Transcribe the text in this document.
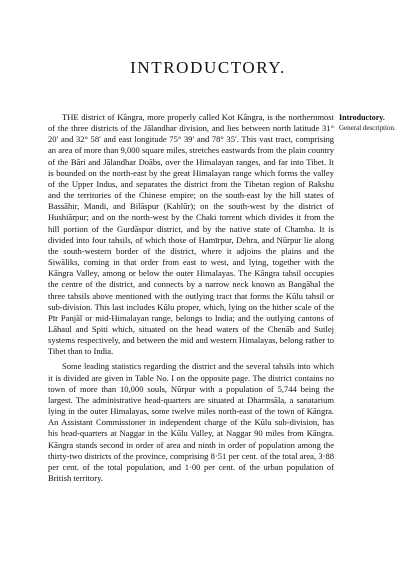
INTRODUCTORY.
Introductory.
General description.

THE district of Kāngra, more properly called Kot Kāngra, is the northernmost of the three districts of the Jālandhar division, and lies between north latitude 31° 20′ and 32° 58′ and east longitude 75° 39′ and 78° 35′. This vast tract, comprising an area of more than 9,000 square miles, stretches eastwards from the plain country of the Bāri and Jālandhar Doābs, over the Himalayan ranges, and far into Tibet. It is bounded on the north-east by the great Himalayan range which forms the valley of the Upper Indus, and separates the district from the Tibetan region of Rakshu and the territories of the Chinese empire; on the south-east by the hill states of Bassāhir, Mandi, and Bilāspur (Kahlūr); on the south-west by the district of Hushiārpur; and on the north-west by the Chaki torrent which divides it from the hill portion of the Gurdāspur district, and by the native state of Chamba. It is divided into four tahsils, of which those of Hamīrpur, Dehra, and Nūrpur lie along the south-western border of the district, where it adjoins the plains and the Siwāliks, coming in that order from east to west, and lying, together with the Kāngra Valley, among or below the outer Himalayas. The Kāngra tahsil occupies the centre of the district, and connects by a narrow neck known as Bangāhal the three tahsils above mentioned with the outlying tract that forms the Kūlu tahsil or sub-division. This last includes Kūlu proper, which, lying on the hither scale of the Pīr Panjāl or mid-Himalayan range, belongs to India; and the outlying cantons of Lāhaul and Spiti which, situated on the head waters of the Chenāb and Sutlej systems respectively, and between the mid and western Himalayas, belong rather to Tibet than to India.

Some leading statistics regarding the district and the several tahsils into which it is divided are given in Table No. I on the opposite page. The district contains no town of more than 10,000 souls, Nūrpur with a population of 5,744 being the largest. The administrative head-quarters are situated at Dharmsāla, a sanatarium lying in the outer Himalayas, some twelve miles north-east of the town of Kāngra. An Assistant Commissioner in independent charge of the Kūlu sub-division, has his head-quarters at Naggar in the Kūlu Valley, at Naggar 90 miles from Kāngra. Kāngra stands second in order of area and ninth in order of population among the thirty-two districts of the province, comprising 8·51 per cent. of the total area, 3·88 per cent. of the total population, and 1·00 per cent. of the urban population of British territory.
